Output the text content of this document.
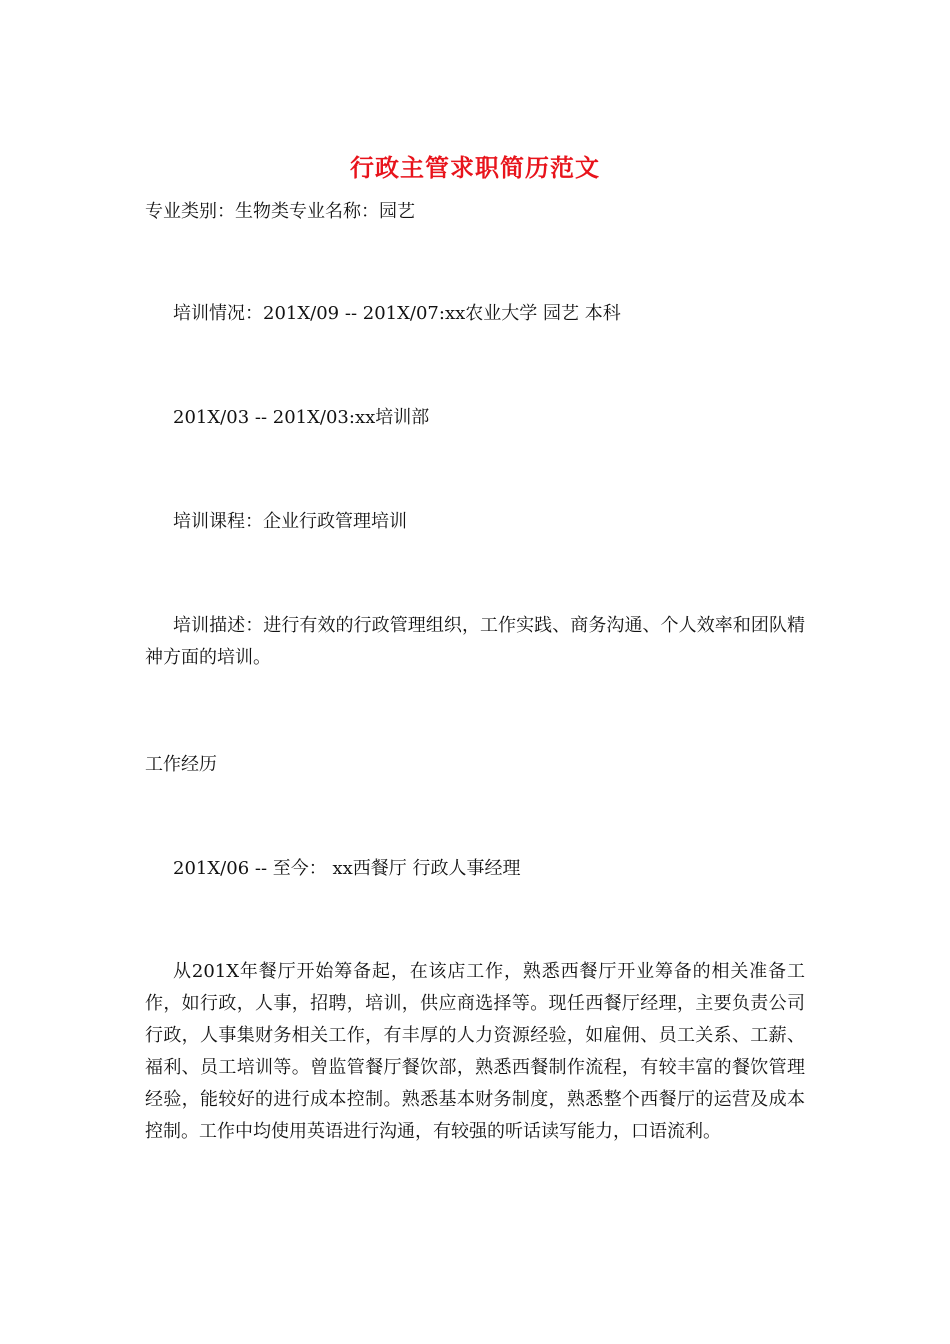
行政主管求职简历范文
专业类别：生物类专业名称：园艺
培训情况：201X/09 -- 201X/07:xx农业大学 园艺 本科
201X/03 -- 201X/03:xx培训部
培训课程：企业行政管理培训
培训描述：进行有效的行政管理组织，工作实践、商务沟通、个人效率和团队精神方面的培训。
工作经历
201X/06 -- 至今： xx西餐厅 行政人事经理
从201X年餐厅开始筹备起，在该店工作，熟悉西餐厅开业筹备的相关准备工作，如行政，人事，招聘，培训，供应商选择等。现任西餐厅经理，主要负责公司行政，人事集财务相关工作，有丰厚的人力资源经验，如雇佣、员工关系、工薪、福利、员工培训等。曾监管餐厅餐饮部，熟悉西餐制作流程，有较丰富的餐饮管理经验，能较好的进行成本控制。熟悉基本财务制度，熟悉整个西餐厅的运营及成本控制。工作中均使用英语进行沟通，有较强的听话读写能力，口语流利。
